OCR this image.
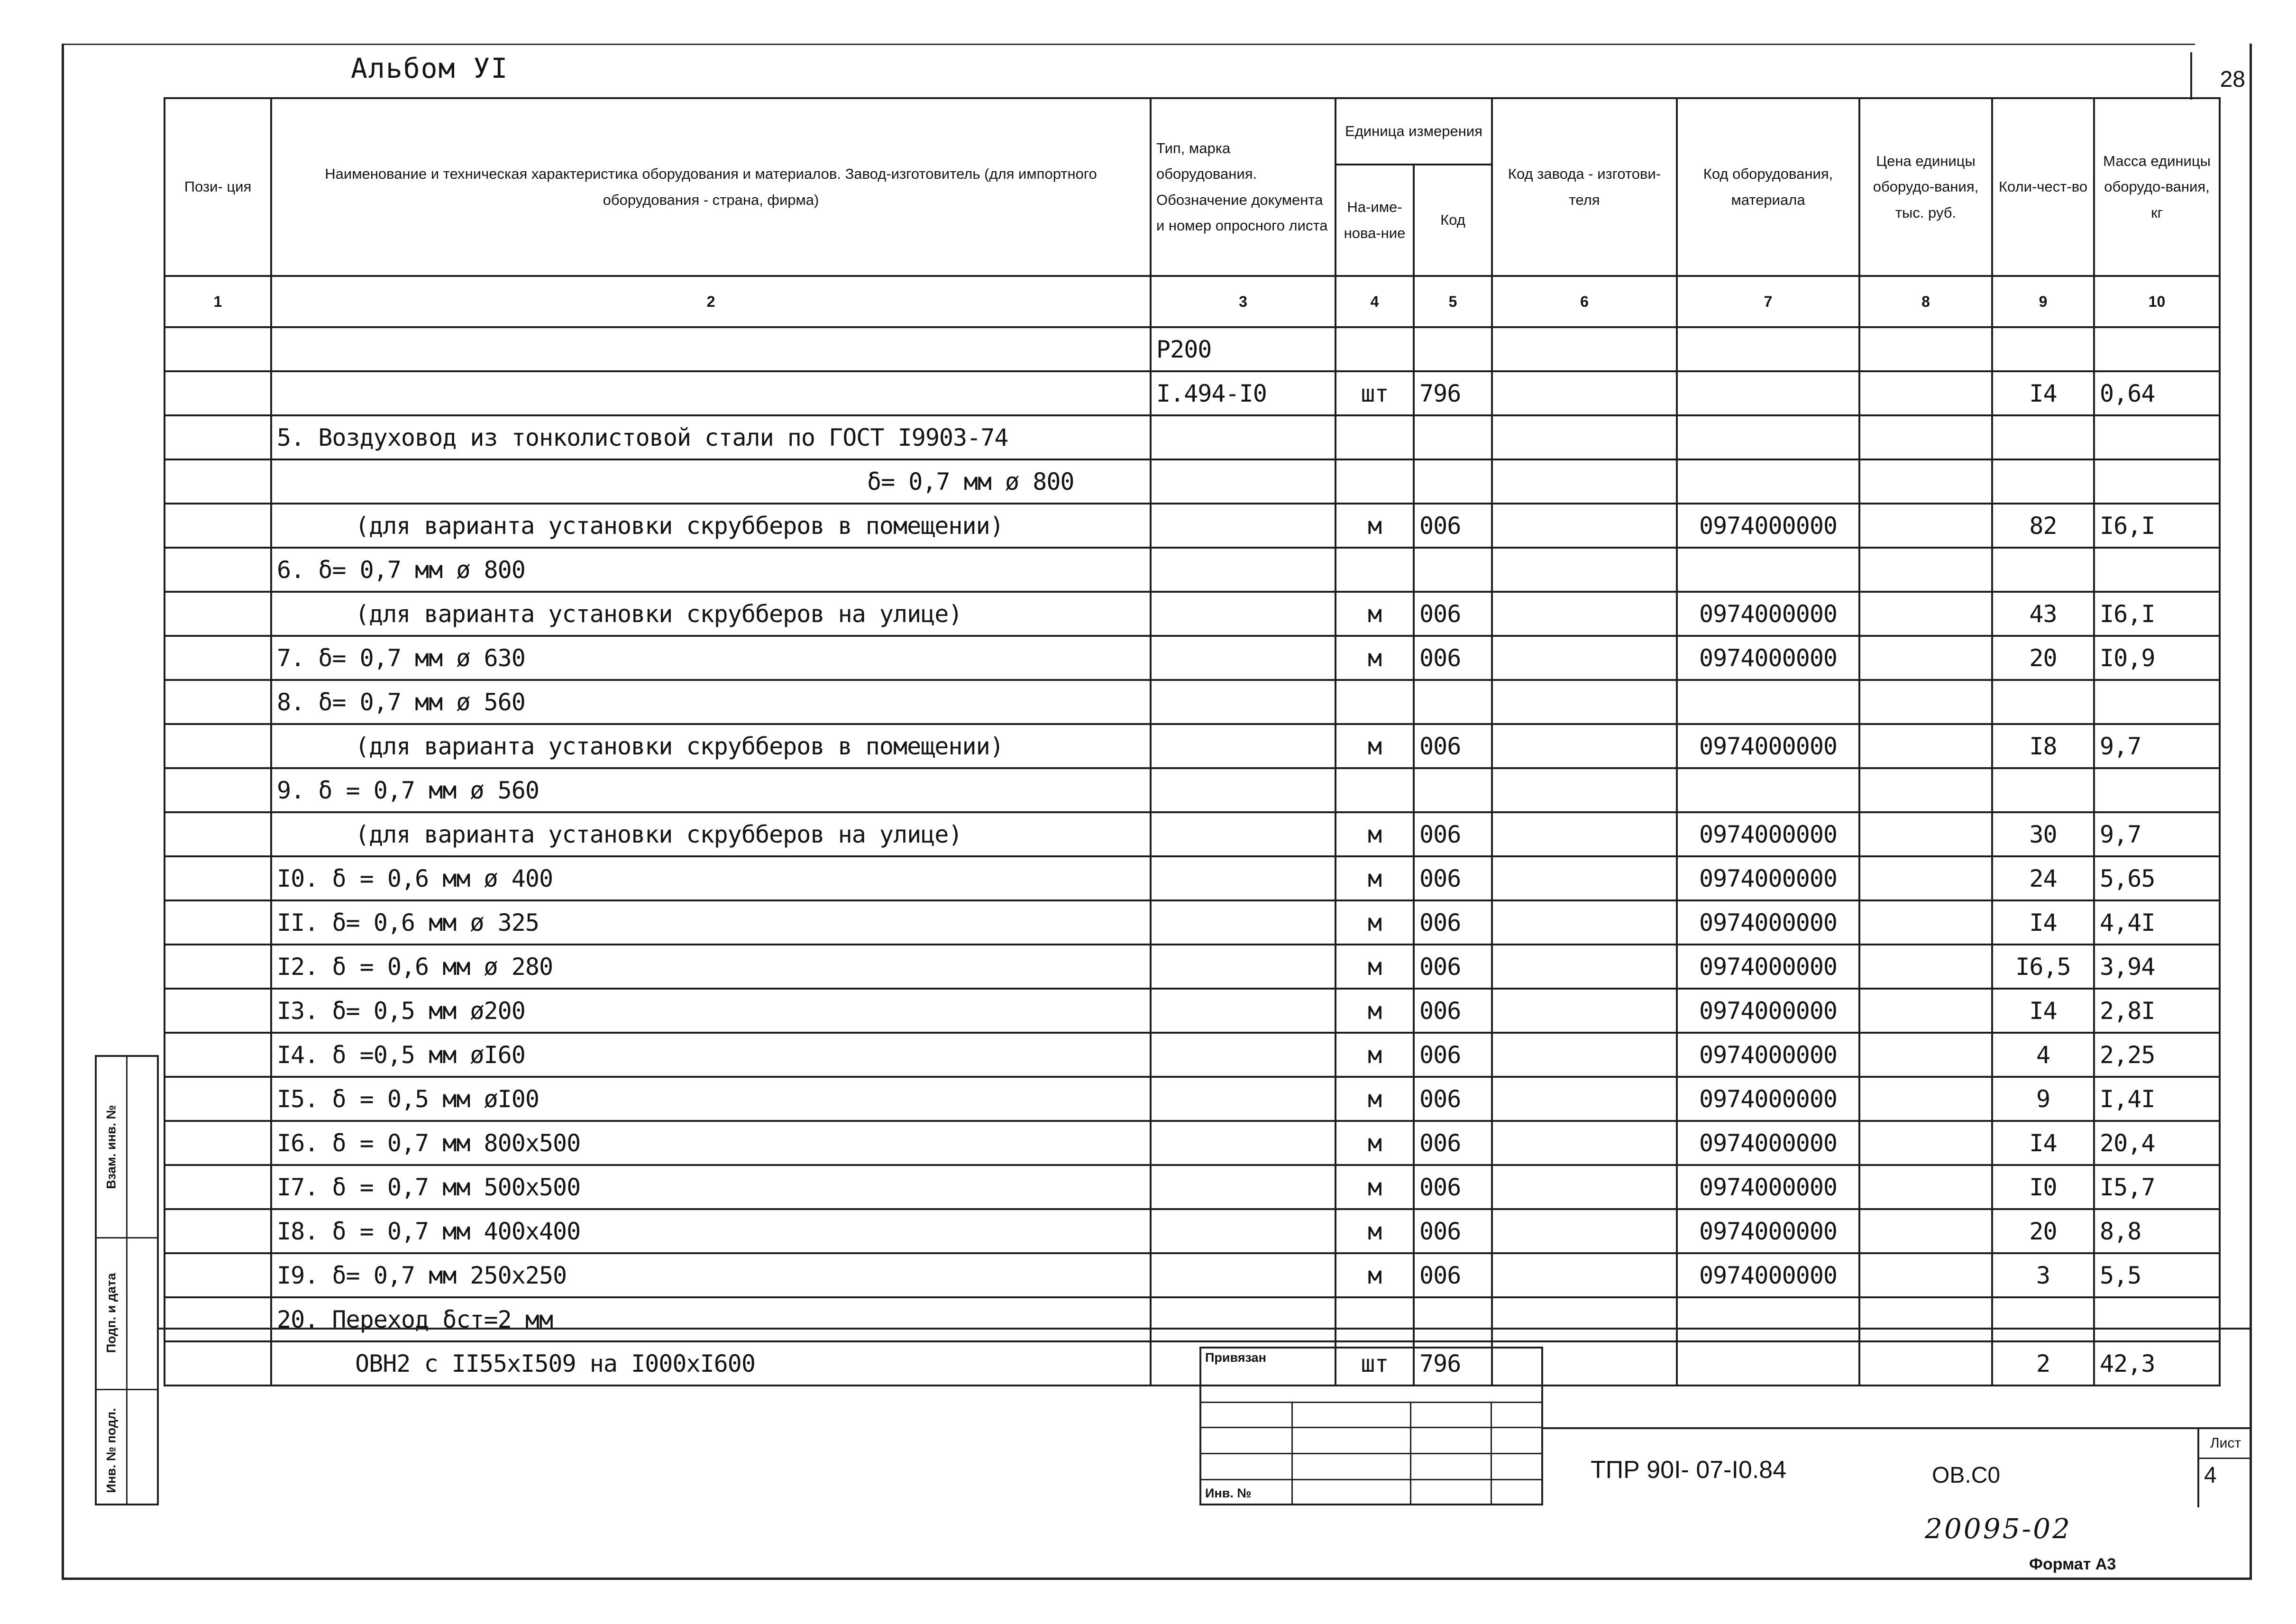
Альбом УI	28
Пози- ция	Наименование и техническая характеристика оборудования и материалов. Завод-изготовитель (для импортного оборудования - страна, фирма)	Тип, марка оборудования. Обозначение документа и номер опросного листа	Единица измерения		Код завода - изготови-теля	Код оборудования, материала	Цена единицы оборудо-вания, тыс. руб.	Коли-чест-во	Масса единицы оборудо-вания, кг
			На-име-нова-ние	Код					
1	2	3	4	5	6	7	8	9	10
		Р200							
		I.494-I0	шт	796				I4	0,64
	5. Воздуховод из тонколистовой стали по ГОСТ I9903-74								
	δ= 0,7 мм ø 800								
	(для варианта установки скрубберов в помещении)		м	006		0974000000		82	I6,I
	6. δ= 0,7 мм ø 800								
	(для варианта установки скрубберов на улице)		м	006		0974000000		43	I6,I
	7. δ= 0,7 мм ø 630		м	006		0974000000		20	I0,9
	8. δ= 0,7 мм ø 560								
	(для варианта установки скрубберов в помещении)		м	006		0974000000		I8	9,7
	9. δ = 0,7 мм ø 560								
	(для варианта установки скрубберов на улице)		м	006		0974000000		30	9,7
	I0. δ = 0,6 мм ø 400		м	006		0974000000		24	5,65
	II. δ= 0,6 мм ø 325		м	006		0974000000		I4	4,4I
	I2. δ = 0,6 мм ø 280		м	006		0974000000		I6,5	3,94
	I3. δ= 0,5 мм ø200		м	006		0974000000		I4	2,8I
	I4. δ =0,5 мм øI60		м	006		0974000000		4	2,25
	I5. δ = 0,5 мм øI00		м	006		0974000000		9	I,4I
	I6. δ = 0,7 мм 800x500		м	006		0974000000		I4	20,4
	I7. δ = 0,7 мм 500x500		м	006		0974000000		I0	I5,7
	I8. δ = 0,7 мм 400x400		м	006		0974000000		20	8,8
	I9. δ= 0,7 мм 250x250		м	006		0974000000		3	5,5
	20. Переход δст=2 мм								
	ОВН2 с II55xI509 на I000xI600		шт	796				2	42,3
Инв. № подл.
Подп. и дата
Взам. инв. №
Привязан
Инв. №
ТПР 90I- 07-I0.84	ОВ.С0
Лист
4
20095-02
Формат А3
